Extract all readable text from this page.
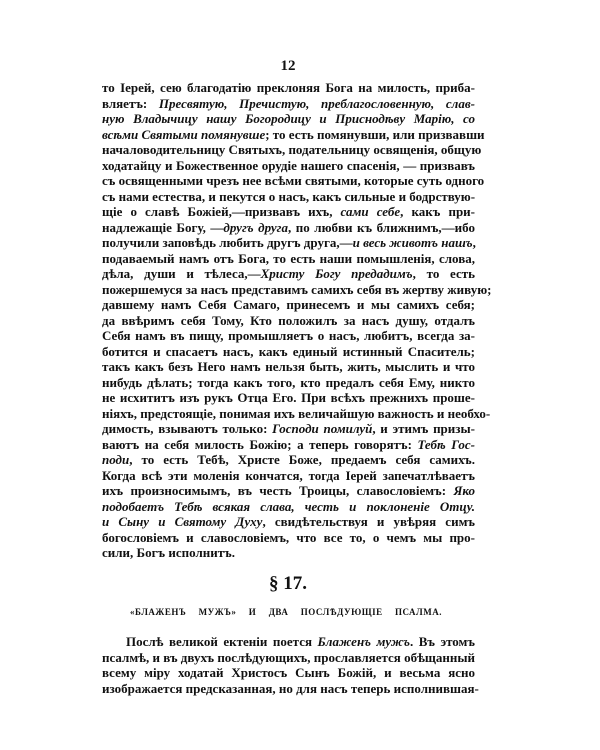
12
то Іерей, сею благодатію преклоняя Бога на милость, приба-
вляетъ: Пресвятую, Пречистую, преблагословенную, слав-
ную Владычицу нашу Богородицу и Приснодѣву Марію, со
всѣми Святыми помянувше; то есть помянувши, или призвавши
началоводительницу Святыхъ, подательницу освященія, общую
ходатайцу и Божественное орудіе нашего спасенія, — призвавъ
съ освященными чрезъ нее всѣми святыми, которые суть одного
съ нами естества, и пекутся о насъ, какъ сильные и бодрствую-
щіе о славѣ Божіей,—призвавъ ихъ, сами себе, какъ при-
надлежащіе Богу, —другъ друга, по любви къ ближнимъ,—ибо
получили заповѣдь любить другъ друга,—и весь животъ нашъ,
подаваемый намъ отъ Бога, то есть наши помышленія, слова,
дѣла, души и тѣлеса,—Христу Богу предадимъ, то есть
пожершемуся за насъ представимъ самихъ себя въ жертву живую;
давшему намъ Себя Самаго, принесемъ и мы самихъ себя;
да ввѣримъ себя Тому, Кто положилъ за насъ душу, отдалъ
Себя намъ въ пищу, промышляетъ о насъ, любитъ, всегда за-
ботится и спасаетъ насъ, какъ единый истинный Спаситель;
такъ какъ безъ Него намъ нельзя быть, жить, мыслить и что
нибудь дѣлать; тогда какъ того, кто предалъ себя Ему, никто
не исхититъ изъ рукъ Отца Его. При всѣхъ прежнихъ проше-
ніяхъ, предстоящіе, понимая ихъ величайшую важность и необхо-
димость, взываютъ только: Господи помилуй, и этимъ призы-
ваютъ на себя милость Божію; а теперь говорятъ: Тебѣ Гос-
поди, то есть Тебѣ, Христе Боже, предаемъ себя самихъ.
Когда всѣ эти моленія кончатся, тогда Іерей запечатлѣваетъ
ихъ произносимымъ, въ честь Троицы, славословіемъ: Яко
подобаетъ Тебѣ всякая слава, честь и поклоненіе Отцу.
и Сыну и Святому Духу, свидѣтельствуя и увѣряя симъ
богословіемъ и славословіемъ, что все то, о чемъ мы про-
сили, Богъ исполнитъ.
§ 17.
«БЛАЖЕНЪ МУЖЪ» И ДВА ПОСЛѢДУЮЩІЕ ПСАЛМА.
Послѣ великой ектеніи поется Блаженъ мужъ. Въ этомъ
псалмѣ, и въ двухъ послѣдующихъ, прославляется обѣщанный
всему міру ходатай Христосъ Сынъ Божій, и весьма ясно
изображается предсказанная, но для насъ теперь исполнившая-
